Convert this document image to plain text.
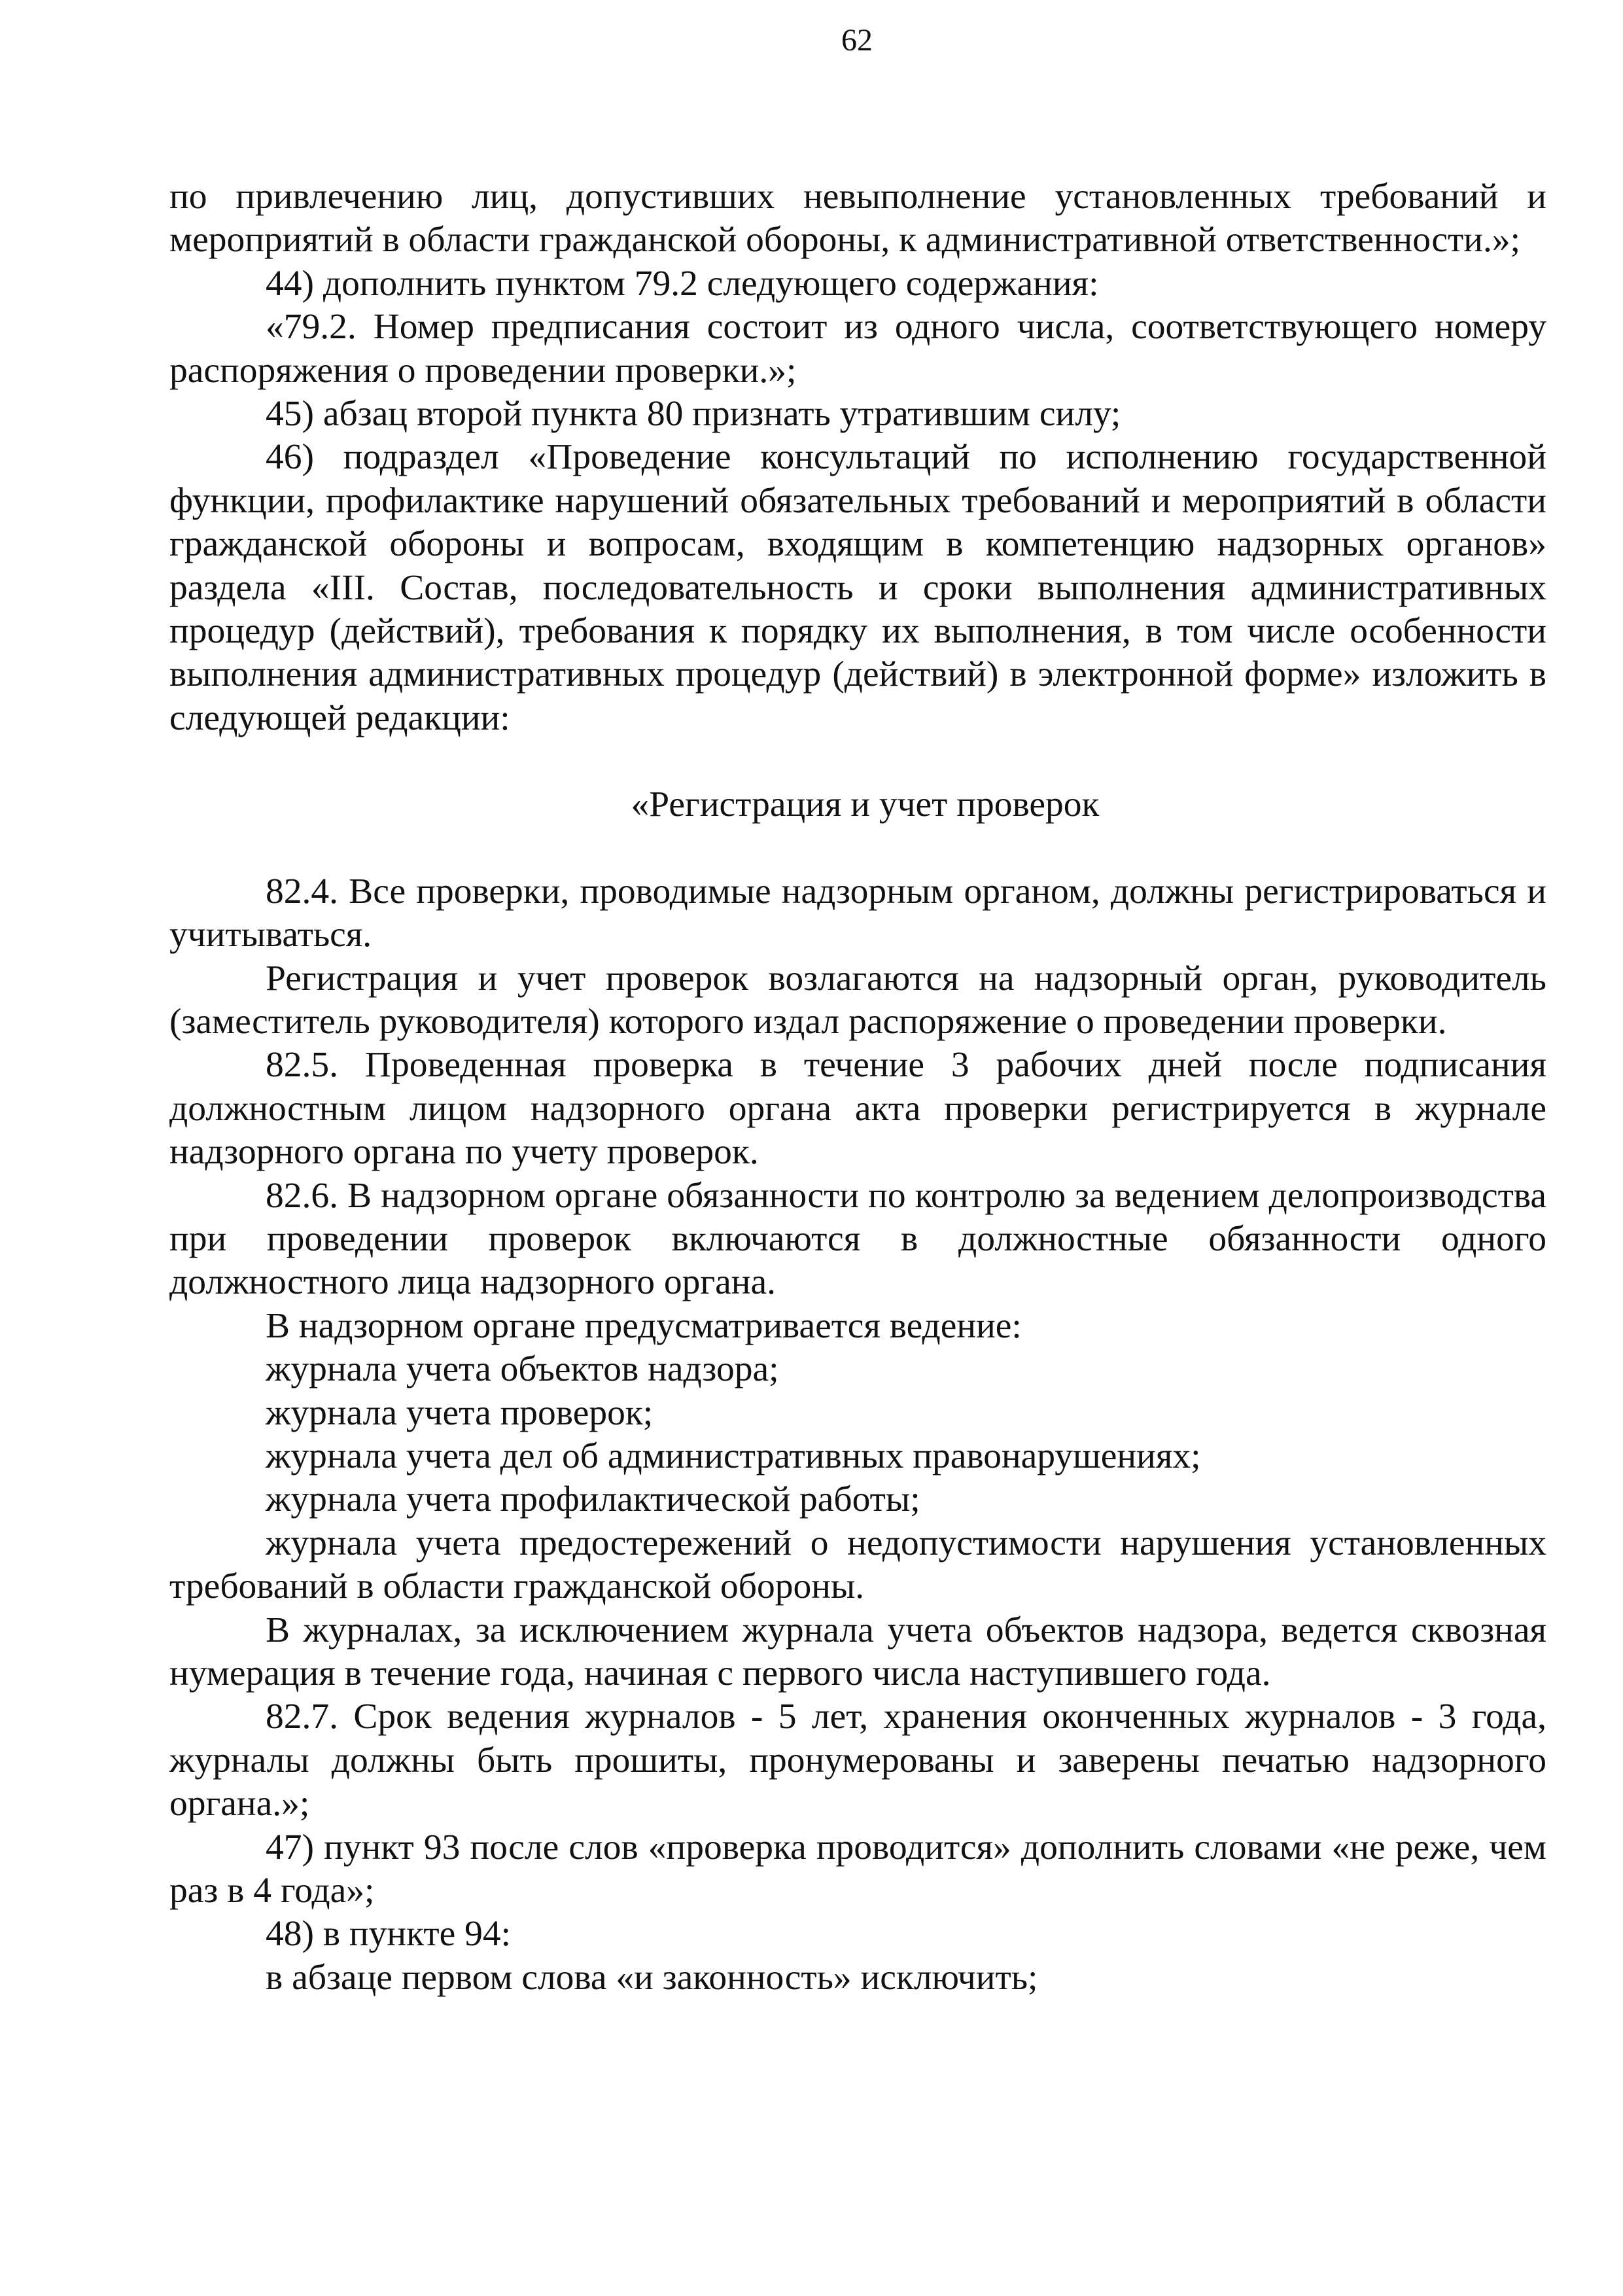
62

по привлечению лиц, допустивших невыполнение установленных требований и мероприятий в области гражданской обороны, к административной ответственности.»;

44) дополнить пунктом 79.2 следующего содержания:

«79.2. Номер предписания состоит из одного числа, соответствующего номеру распоряжения о проведении проверки.»;

45) абзац второй пункта 80 признать утратившим силу;

46) подраздел «Проведение консультаций по исполнению государственной функции, профилактике нарушений обязательных требований и мероприятий в области гражданской обороны и вопросам, входящим в компетенцию надзорных органов» раздела «III. Состав, последовательность и сроки выполнения административных процедур (действий), требования к порядку их выполнения, в том числе особенности выполнения административных процедур (действий) в электронной форме» изложить в следующей редакции:

«Регистрация и учет проверок

82.4. Все проверки, проводимые надзорным органом, должны регистрироваться и учитываться.

Регистрация и учет проверок возлагаются на надзорный орган, руководитель (заместитель руководителя) которого издал распоряжение о проведении проверки.

82.5. Проведенная проверка в течение 3 рабочих дней после подписания должностным лицом надзорного органа акта проверки регистрируется в журнале надзорного органа по учету проверок.

82.6. В надзорном органе обязанности по контролю за ведением делопроизводства при проведении проверок включаются в должностные обязанности одного должностного лица надзорного органа.

В надзорном органе предусматривается ведение:

журнала учета объектов надзора;

журнала учета проверок;

журнала учета дел об административных правонарушениях;

журнала учета профилактической работы;

журнала учета предостережений о недопустимости нарушения установленных требований в области гражданской обороны.

В журналах, за исключением журнала учета объектов надзора, ведется сквозная нумерация в течение года, начиная с первого числа наступившего года.

82.7. Срок ведения журналов - 5 лет, хранения оконченных журналов - 3 года, журналы должны быть прошиты, пронумерованы и заверены печатью надзорного органа.»;

47) пункт 93 после слов «проверка проводится» дополнить словами «не реже, чем раз в 4 года»;

48) в пункте 94:

в абзаце первом слова «и законность» исключить;
